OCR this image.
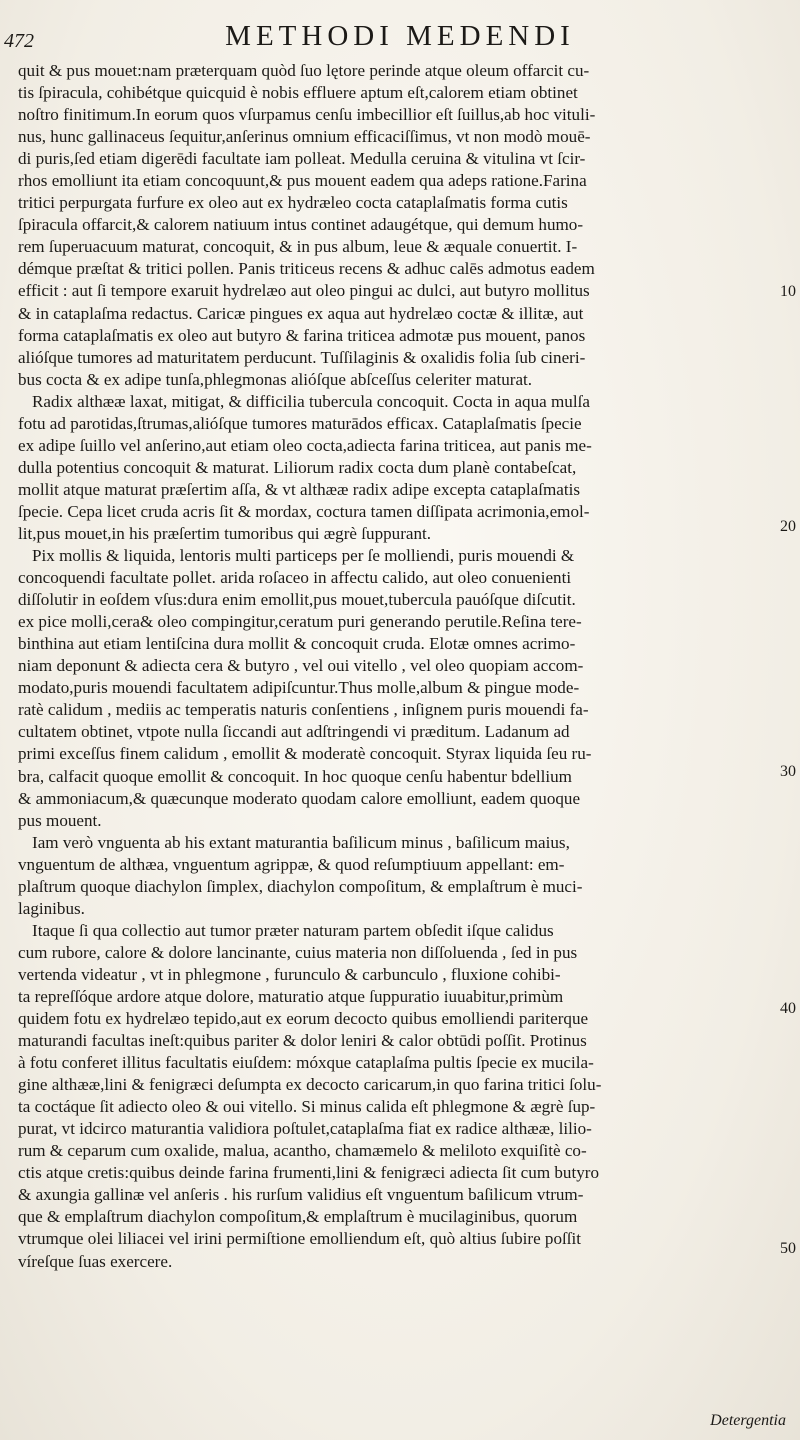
472	METHODI MEDENDI

quit & pus mouet:nam præterquam quòd ſuo lętore perinde atque oleum offarcit cu-
tis ſpiracula, cohibétque quicquid è nobis effluere aptum eſt,calorem etiam obtinet
noſtro finitimum.In eorum quos vſurpamus cenſu imbecillior eſt ſuillus,ab hoc vituli-
nus, hunc gallinaceus ſequitur,anſerinus omnium efficaciſſimus, vt non modò mouē-
di puris,ſed etiam digerēdi facultate iam polleat. Medulla ceruina & vitulina vt ſcir-
rhos emolliunt ita etiam concoquunt,& pus mouent eadem qua adeps ratione.Farina
tritici perpurgata furfure ex oleo aut ex hydræleo cocta cataplaſmatis forma cutis
ſpiracula offarcit,& calorem natiuum intus continet adaugétque, qui demum humo-
rem ſuperuacuum maturat, concoquit, & in pus album, leue & æquale conuertit. I-
démque præſtat & tritici pollen. Panis triticeus recens & adhuc calēs admotus eadem
efficit : aut ſi tempore exaruit hydrelæo aut oleo pingui ac dulci, aut butyro mollitus
& in cataplaſma redactus. Caricæ pingues ex aqua aut hydrelæo coctæ & illitæ, aut
forma cataplaſmatis ex oleo aut butyro & farina triticea admotæ pus mouent, panos
alióſque tumores ad maturitatem perducunt. Tuſſilaginis & oxalidis folia ſub cineri-
bus cocta & ex adipe tunſa,phlegmonas alióſque abſceſſus celeriter maturat.

Radix althææ laxat, mitigat, & difficilia tubercula concoquit. Cocta in aqua mulſa
fotu ad parotidas,ſtrumas,alióſque tumores maturādos efficax. Cataplaſmatis ſpecie
ex adipe ſuillo vel anſerino,aut etiam oleo cocta,adiecta farina triticea, aut panis me-
dulla potentius concoquit & maturat. Liliorum radix cocta dum planè contabeſcat,
mollit atque maturat præſertim aſſa, & vt althææ radix adipe excepta cataplaſmatis
ſpecie. Cepa licet cruda acris ſit & mordax, coctura tamen diſſipata acrimonia,emol-
lit,pus mouet,in his præſertim tumoribus qui ægrè ſuppurant.

Pix mollis & liquida, lentoris multi particeps per ſe molliendi, puris mouendi &
concoquendi facultate pollet. arida roſaceo in affectu calido, aut oleo conuenienti
diſſolutir in eoſdem vſus:dura enim emollit,pus mouet,tubercula pauóſque diſcutit.
ex pice molli,cera& oleo compingitur,ceratum puri generando perutile.Reſina tere-
binthina aut etiam lentiſcina dura mollit & concoquit cruda. Elotæ omnes acrimo-
niam deponunt & adiecta cera & butyro , vel oui vitello , vel oleo quopiam accom-
modato,puris mouendi facultatem adipiſcuntur.Thus molle,album & pingue mode-
ratè calidum , mediis ac temperatis naturis conſentiens , inſignem puris mouendi fa-
cultatem obtinet, vtpote nulla ſiccandi aut adſtringendi vi præditum. Ladanum ad
primi exceſſus finem calidum , emollit & moderatè concoquit. Styrax liquida ſeu ru-
bra, calfacit quoque emollit & concoquit. In hoc quoque cenſu habentur bdellium
& ammoniacum,& quæcunque moderato quodam calore emolliunt, eadem quoque
pus mouent.

Iam verò vnguenta ab his extant maturantia baſilicum minus , baſilicum maius,
vnguentum de althæa, vnguentum agrippæ, & quod reſumptiuum appellant: em-
plaſtrum quoque diachylon ſimplex, diachylon compoſitum, & emplaſtrum è muci-
laginibus.

Itaque ſi qua collectio aut tumor præter naturam partem obſedit iſque calidus
cum rubore, calore & dolore lancinante, cuius materia non diſſoluenda , ſed in pus
vertenda videatur , vt in phlegmone , furunculo & carbunculo , fluxione cohibi-
ta repreſſóque ardore atque dolore, maturatio atque ſuppuratio iuuabitur,primùm
quidem fotu ex hydrelæo tepido,aut ex eorum decocto quibus emolliendi pariterque
maturandi facultas ineſt:quibus pariter & dolor leniri & calor obtūdi poſſit. Protinus
à fotu conferet illitus facultatis eiuſdem: móxque cataplaſma pultis ſpecie ex mucila-
gine althææ,lini & fenigræci deſumpta ex decocto caricarum,in quo farina tritici ſolu-
ta coctáque ſit adiecto oleo & oui vitello. Si minus calida eſt phlegmone & ægrè ſup-
purat, vt idcirco maturantia validiora poſtulet,cataplaſma fiat ex radice althææ, lilio-
rum & ceparum cum oxalide, malua, acantho, chamæmelo & meliloto exquiſitè co-
ctis atque cretis:quibus deinde farina frumenti,lini & fenigræci adiecta ſit cum butyro
& axungia gallinæ vel anſeris . his rurſum validius eſt vnguentum baſilicum vtrum-
que & emplaſtrum diachylon compoſitum,& emplaſtrum è mucilaginibus, quorum
vtrumque olei liliacei vel irini permiſtione emolliendum eſt, quò altius ſubire poſſit
víreſque ſuas exercere.

10
20
30
40
50
Detergentia
